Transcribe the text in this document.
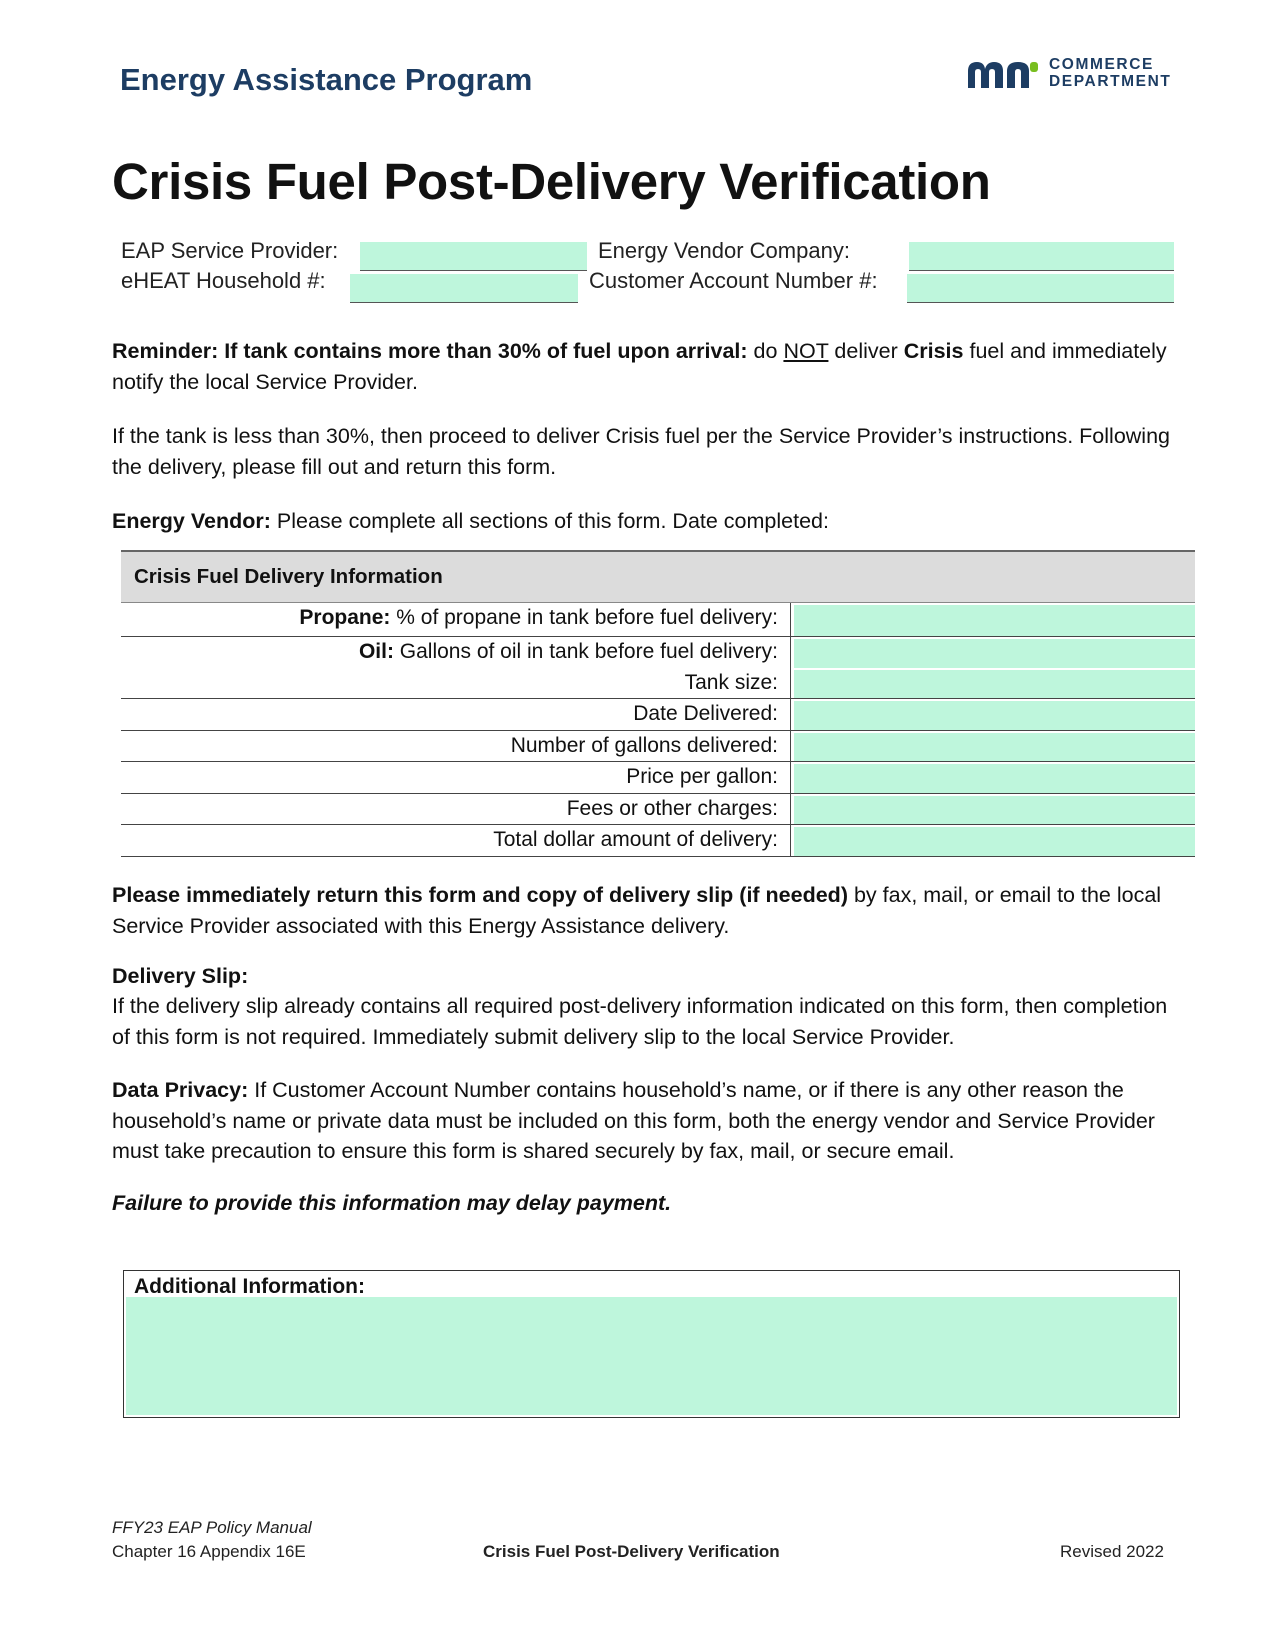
Energy Assistance Program	COMMERCE
DEPARTMENT
Crisis Fuel Post-Delivery Verification
EAP Service Provider:	Energy Vendor Company:
eHEAT Household #:	Customer Account Number #:

Reminder: If tank contains more than 30% of fuel upon arrival: do NOT deliver Crisis fuel and immediately notify the local Service Provider.

If the tank is less than 30%, then proceed to deliver Crisis fuel per the Service Provider’s instructions. Following the delivery, please fill out and return this form.

Energy Vendor: Please complete all sections of this form. Date completed:

Crisis Fuel Delivery Information
Propane: % of propane in tank before fuel delivery:
Oil: Gallons of oil in tank before fuel delivery:
Tank size:
Date Delivered:
Number of gallons delivered:
Price per gallon:
Fees or other charges:
Total dollar amount of delivery:

Please immediately return this form and copy of delivery slip (if needed) by fax, mail, or email to the local Service Provider associated with this Energy Assistance delivery.

Delivery Slip:

If the delivery slip already contains all required post-delivery information indicated on this form, then completion of this form is not required. Immediately submit delivery slip to the local Service Provider.

Data Privacy: If Customer Account Number contains household’s name, or if there is any other reason the household’s name or private data must be included on this form, both the energy vendor and Service Provider must take precaution to ensure this form is shared securely by fax, mail, or secure email.

Failure to provide this information may delay payment.

Additional Information:
FFY23 EAP Policy Manual
Chapter 16 Appendix 16E	Crisis Fuel Post-Delivery Verification	Revised 2022
